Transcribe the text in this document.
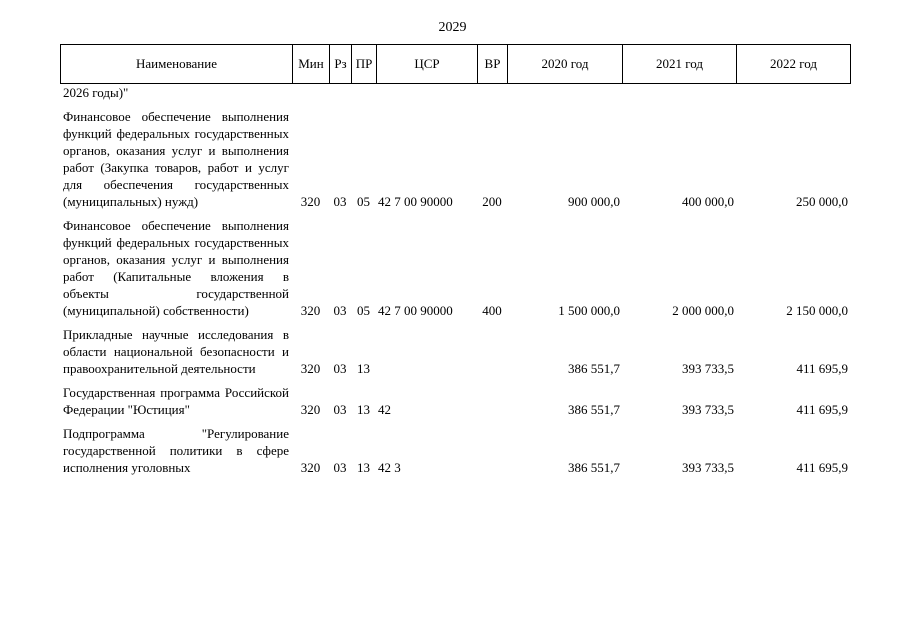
2029
Наименование	Мин	Рз	ПР	ЦСР	ВР	2020 год	2021 год	2022 год
2026 годы)"								

Финансовое обеспечение выполнения функций федеральных государственных органов, оказания услуг и выполнения работ (Закупка товаров, работ и услуг для обеспечения государственных (муниципальных) нужд)	320	03	05	42 7 00 90000	200	900 000,0	400 000,0	250 000,0

Финансовое обеспечение выполнения функций федеральных государственных органов, оказания услуг и выполнения работ (Капитальные вложения в объекты государственной (муниципальной) собственности)	320	03	05	42 7 00 90000	400	1 500 000,0	2 000 000,0	2 150 000,0

Прикладные научные исследования в области национальной безопасности и правоохранительной деятельности	320	03	13			386 551,7	393 733,5	411 695,9

Государственная программа Российской Федерации "Юстиция"	320	03	13	42		386 551,7	393 733,5	411 695,9

Подпрограмма "Регулирование государственной политики в сфере исполнения уголовных	320	03	13	42 3		386 551,7	393 733,5	411 695,9
